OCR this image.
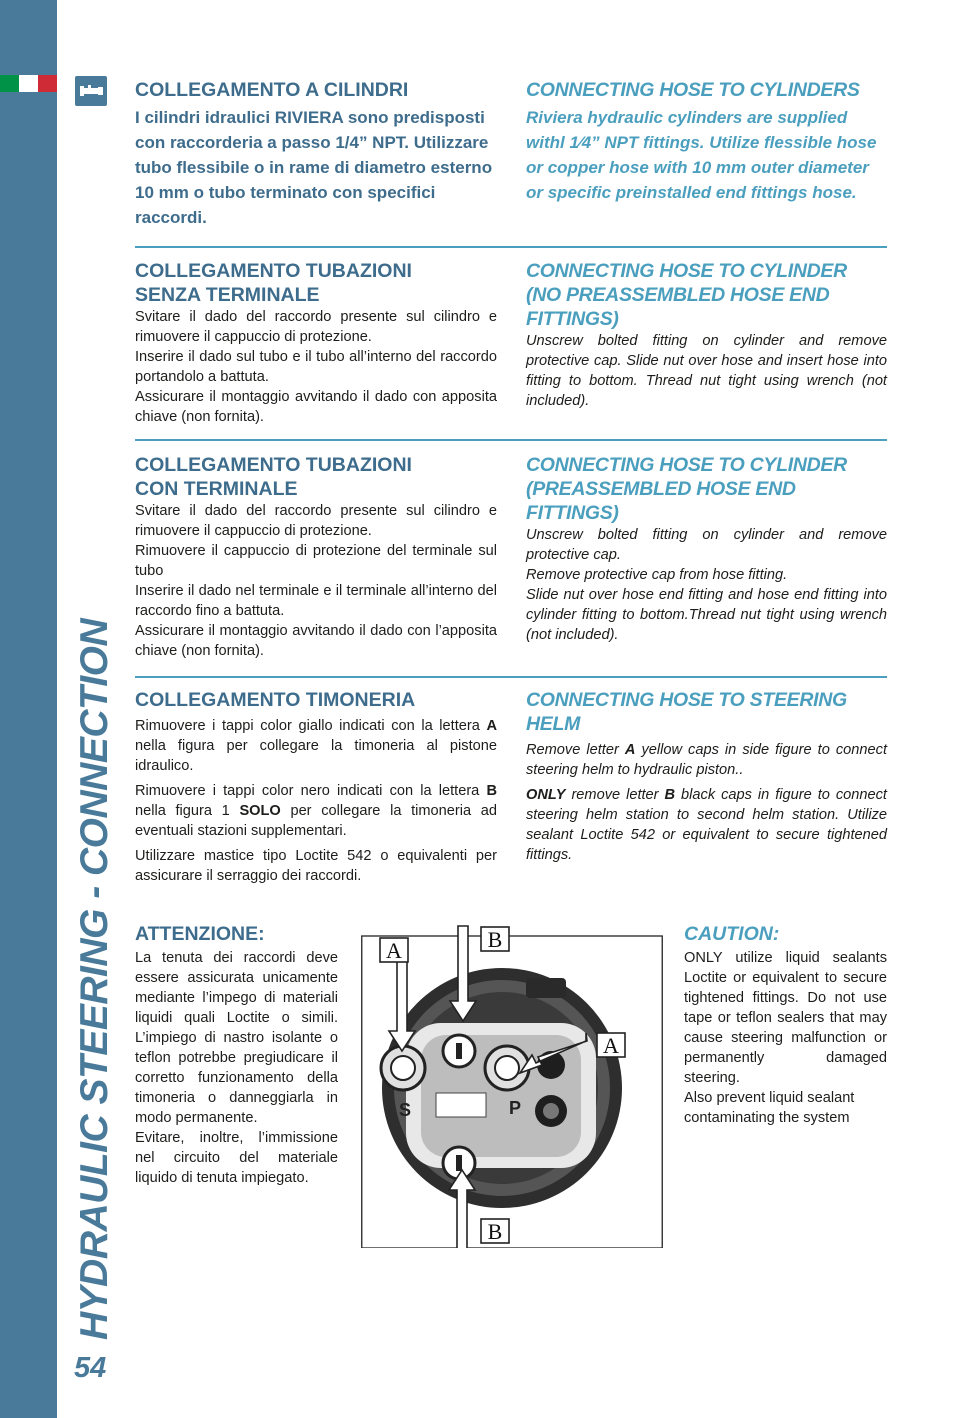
HYDRAULIC STEERING - CONNECTION
54
COLLEGAMENTO A CILINDRI

I cilindri idraulici RIVIERA sono predisposti con raccorderia a passo 1/4” NPT. Utilizzare tubo flessibile o in rame di diametro esterno 10 mm o tubo terminato con specifici raccordi.

CONNECTING HOSE TO CYLINDERS

Riviera hydraulic cylinders are supplied withl 1⁄4” NPT fittings. Utilize flessible hose or copper hose with 10 mm outer diameter or specific preinstalled end fittings hose.

COLLEGAMENTO TUBAZIONI
SENZA TERMINALE

Svitare il dado del raccordo presente sul cilindro e rimuovere il cappuccio di protezione.

Inserire il dado sul tubo e il tubo all’interno del raccordo portandolo a battuta.

Assicurare il montaggio avvitando il dado con apposita chiave (non fornita).

CONNECTING HOSE TO CYLINDER
(NO PREASSEMBLED HOSE END FITTINGS)

Unscrew bolted fitting on cylinder and remove protective cap. Slide nut over hose and insert hose into fitting to bottom. Thread nut tight using wrench (not included).

COLLEGAMENTO TUBAZIONI
CON TERMINALE

Svitare il dado del raccordo presente sul cilindro e rimuovere il cappuccio di protezione.

Rimuovere il cappuccio di protezione del terminale sul tubo

Inserire il dado nel terminale e il terminale all’interno del raccordo fino a battuta.

Assicurare il montaggio avvitando il dado con l’apposita chiave (non fornita).

CONNECTING HOSE TO CYLINDER
(PREASSEMBLED HOSE END FITTINGS)

Unscrew bolted fitting on cylinder and remove protective cap.

Remove protective cap from hose fitting.

Slide nut over hose end fitting and hose end fitting into cylinder fitting to bottom.Thread nut tight using wrench (not included).

COLLEGAMENTO TIMONERIA

Rimuovere i tappi color giallo indicati con la lettera A nella figura per collegare la timoneria al pistone idraulico.

Rimuovere i tappi color nero indicati con la lettera B nella figura 1 SOLO per collegare la timoneria ad eventuali stazioni supplementari.

Utilizzare mastice tipo Loctite 542 o equivalenti per assicurare il serraggio dei raccordi.

CONNECTING HOSE TO STEERING HELM

Remove letter A yellow caps in side figure to connect steering helm to hydraulic piston..

ONLY remove letter B black caps in figure to connect steering helm station to second helm station. Utilize sealant Loctite 542 or equivalent to secure tightened fittings.

ATTENZIONE:

La tenuta dei raccordi deve essere assicurata unicamente mediante l’impego di materiali liquidi quali Loctite o simili. L’impiego di nastro isolante o teflon potrebbe pregiudicare il corretto funzionamento della timoneria o danneggiarla in modo permanente.

Evitare, inoltre, l’immissione nel circuito del materiale liquido di tenuta impiegato.

CAUTION:

ONLY utilize liquid sealants Loctite or equivalent to secure tightened fittings. Do not use tape or teflon sealers that may cause steering malfunction or permanently damaged steering.

Also prevent liquid sealant contaminating the system

S	P
A	B
A
B
